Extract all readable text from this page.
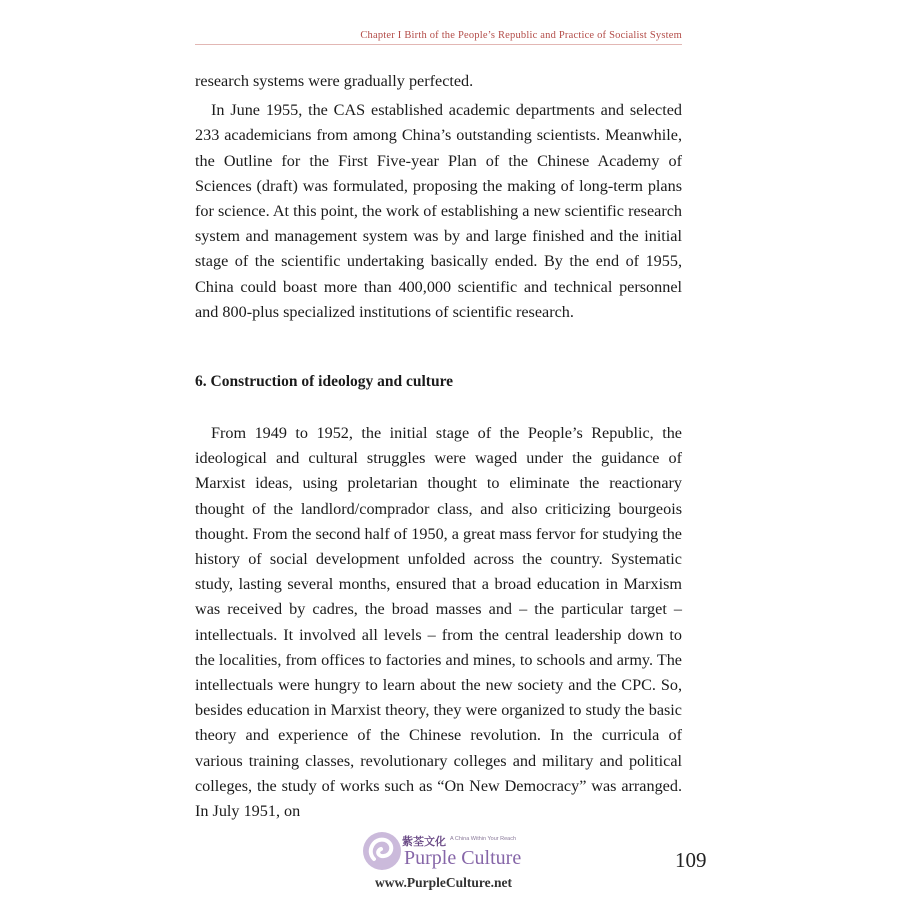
Chapter I Birth of the People’s Republic and Practice of Socialist System

research systems were gradually perfected.

In June 1955, the CAS established academic departments and selected 233 academicians from among China’s outstanding scientists. Meanwhile, the Outline for the First Five-year Plan of the Chinese Academy of Sciences (draft) was formulated, proposing the making of long-term plans for science. At this point, the work of establishing a new scientific research system and management system was by and large finished and the initial stage of the scientific undertaking basically ended. By the end of 1955, China could boast more than 400,000 scientific and technical personnel and 800-plus specialized institutions of scientific research.

6. Construction of ideology and culture

From 1949 to 1952, the initial stage of the People’s Republic, the ideological and cultural struggles were waged under the guidance of Marxist ideas, using proletarian thought to eliminate the reactionary thought of the landlord/comprador class, and also criticizing bourgeois thought. From the second half of 1950, a great mass fervor for studying the history of social development unfolded across the country. Systematic study, lasting several months, ensured that a broad education in Marxism was received by cadres, the broad masses and – the particular target – intellectuals. It involved all levels – from the central leadership down to the localities, from offices to factories and mines, to schools and army. The intellectuals were hungry to learn about the new society and the CPC. So, besides education in Marxist theory, they were organized to study the basic theory and experience of the Chinese revolution. In the curricula of various training classes, revolutionary colleges and military and political colleges, the study of works such as “On New Democracy” was arranged. In July 1951, on

109
紫荃文化 A China Within Your Reach
Purple Culture
www.PurpleCulture.net
